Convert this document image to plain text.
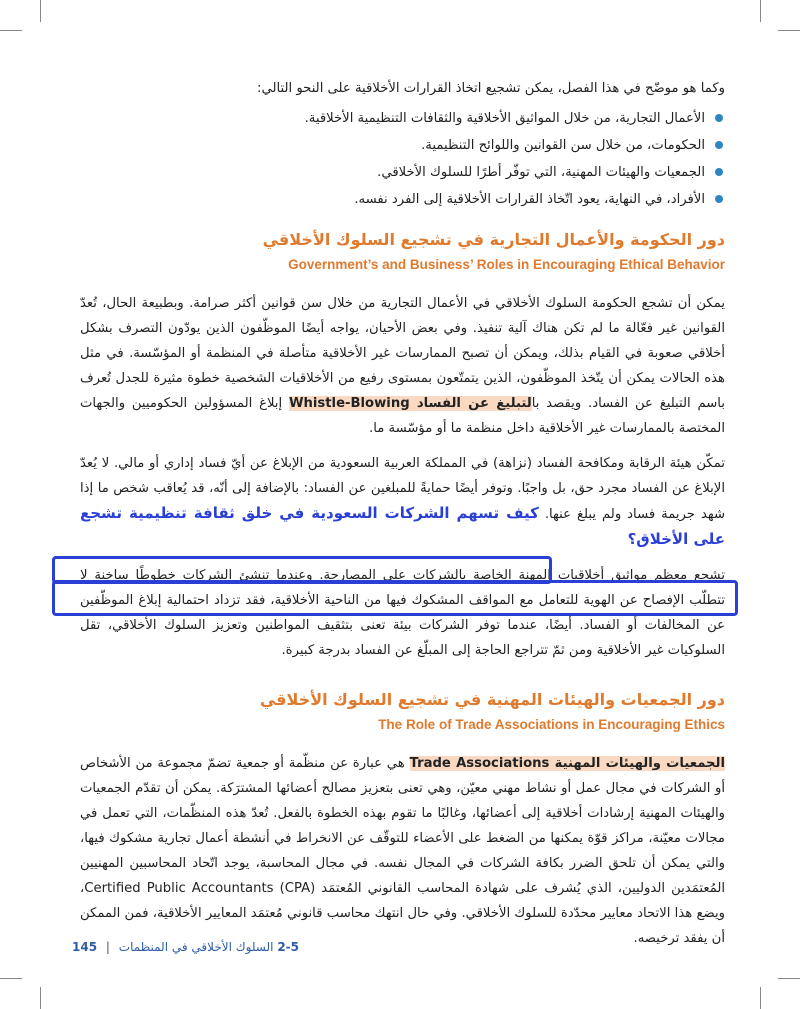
وكما هو موضّح في هذا الفصل، يمكن تشجيع اتخاذ القرارات الأخلاقية على النحو التالي:

الأعمال التجارية، من خلال المواثيق الأخلاقية والثقافات التنظيمية الأخلاقية.
الحكومات، من خلال سن القوانين واللوائح التنظيمية.
الجمعيات والهيئات المهنية، التي توفّر أطرًا للسلوك الأخلاقي.
الأفراد، في النهاية، يعود اتّخاذ القرارات الأخلاقية إلى الفرد نفسه.
دور الحكومة والأعمال التجارية في تشجيع السلوك الأخلاقي
Government’s and Business’ Roles in Encouraging Ethical Behavior

يمكن أن تشجع الحكومة السلوك الأخلاقي في الأعمال التجارية من خلال سن قوانين أكثر صرامة. وبطبيعة الحال، تُعدّ القوانين غير فعّالة ما لم تكن هناك آلية تنفيذ. وفي بعض الأحيان، يواجه أيضًا الموظّفون الذين يودّون التصرف بشكل أخلاقي صعوبة في القيام بذلك، ويمكن أن تصبح الممارسات غير الأخلاقية متأصلة في المنظمة أو المؤسّسة. في مثل هذه الحالات يمكن أن يتّخذ الموظّفون، الذين يتمتّعون بمستوى رفيع من الأخلاقيات الشخصية خطوة مثيرة للجدل تُعرف باسم التبليغ عن الفساد. ويقصد بالتبليغ عن الفساد Whistle-Blowing إبلاغ المسؤولين الحكوميين والجهات المختصة بالممارسات غير الأخلاقية داخل منظمة ما أو مؤسّسة ما.

تمكّن هيئة الرقابة ومكافحة الفساد (نزاهة) في المملكة العربية السعودية من الإبلاغ عن أيّ فساد إداري أو مالي. لا يُعدّ الإبلاغ عن الفساد مجرد حق، بل واجبًا. وتوفر أيضًا حمايةً للمبلغين عن الفساد: بالإضافة إلى أنّه، قد يُعاقب شخص ما إذا شهد جريمة فساد ولم يبلغ عنها. كيف تسهم الشركات السعودية في خلق ثقافة تنظيمية تشجع على الأخلاق؟

تشجع معظم مواثيق أخلاقيات المهنة الخاصة بالشركات على المصارحة. وعندما تنشئ الشركات خطوطًا ساخنة لا تتطلّب الإفصاح عن الهوية للتعامل مع المواقف المشكوك فيها من الناحية الأخلاقية، فقد تزداد احتمالية إبلاغ الموظّفين عن المخالفات أو الفساد. أيضًا، عندما توفر الشركات بيئة تعنى بتثقيف المواطنين وتعزيز السلوك الأخلاقي، تقل السلوكيات غير الأخلاقية ومن ثمّ تتراجع الحاجة إلى المبلّغ عن الفساد بدرجة كبيرة.

دور الجمعيات والهيئات المهنية في تشجيع السلوك الأخلاقي
The Role of Trade Associations in Encouraging Ethics

الجمعيات والهيئات المهنية Trade Associations هي عبارة عن منظّمة أو جمعية تضمّ مجموعة من الأشخاص أو الشركات في مجال عمل أو نشاط مهني معيّن، وهي تعنى بتعزيز مصالح أعضائها المشترَكة. يمكن أن تقدّم الجمعيات والهيئات المهنية إرشادات أخلاقية إلى أعضائها، وغالبًا ما تقوم بهذه الخطوة بالفعل. تُعدّ هذه المنظّمات، التي تعمل في مجالات معيّنة، مراكز قوّة يمكنها من الضغط على الأعضاء للتوقّف عن الانخراط في أنشطة أعمال تجارية مشكوك فيها، والتي يمكن أن تلحق الضرر بكافة الشركات في المجال نفسه. في مجال المحاسبة، يوجد اتّحاد المحاسبين المهنيين المُعتمَدين الدوليين، الذي يُشرف على شهادة المحاسب القانوني المُعتمَد (CPA) Certified Public Accountants، ويضع هذا الاتحاد معايير محدّدة للسلوك الأخلاقي. وفي حال انتهك محاسب قانوني مُعتمَد المعايير الأخلاقية، فمن الممكن أن يفقد ترخيصه.

2-5 السلوك الأخلاقي في المنظمات | 145
